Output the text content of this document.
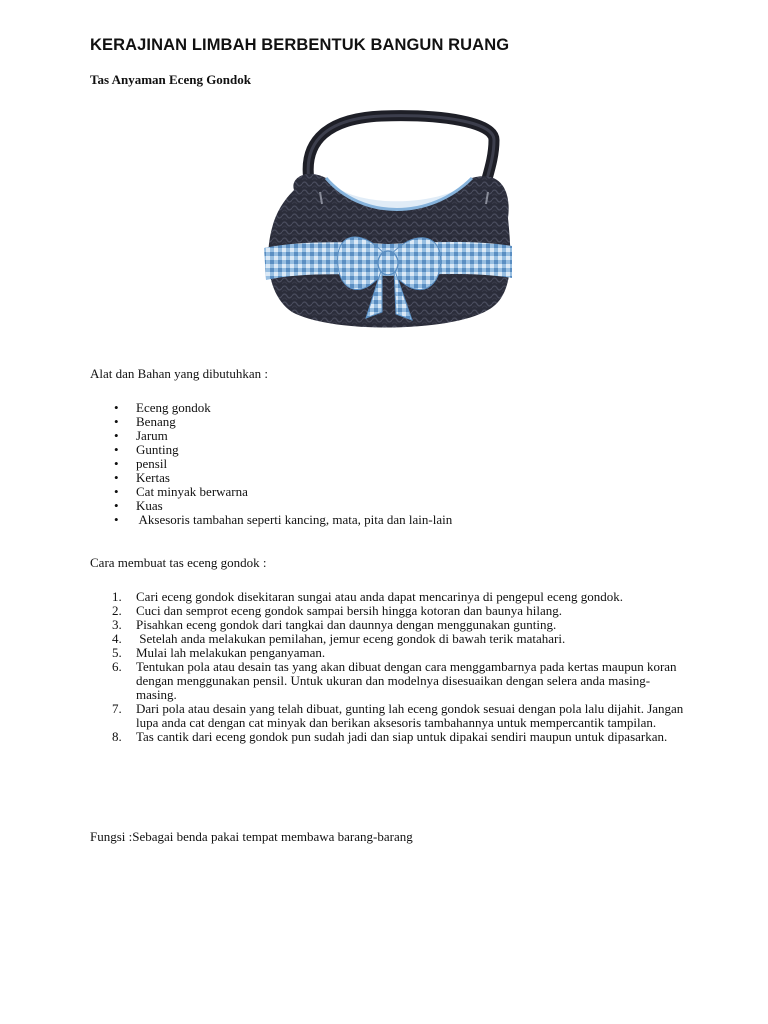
KERAJINAN LIMBAH BERBENTUK BANGUN RUANG

Tas Anyaman Eceng Gondok

Alat dan Bahan yang dibutuhkan :

• Eceng gondok
• Benang
• Jarum
• Gunting
• pensil
• Kertas
• Cat minyak berwarna
• Kuas
•  Aksesoris tambahan seperti kancing, mata, pita dan lain-lain

Cara membuat tas eceng gondok :

1. Cari eceng gondok disekitaran sungai atau anda dapat mencarinya di pengepul eceng gondok.
2. Cuci dan semprot eceng gondok sampai bersih hingga kotoran dan baunya hilang.
3. Pisahkan eceng gondok dari tangkai dan daunnya dengan menggunakan gunting.
4. Setelah anda melakukan pemilahan, jemur eceng gondok di bawah terik matahari.
5. Mulai lah melakukan penganyaman.
6. Tentukan pola atau desain tas yang akan dibuat dengan cara menggambarnya pada kertas maupun koran dengan menggunakan pensil. Untuk ukuran dan modelnya disesuaikan dengan selera anda masing-masing.
7. Dari pola atau desain yang telah dibuat, gunting lah eceng gondok sesuai dengan pola lalu dijahit. Jangan lupa anda cat dengan cat minyak dan berikan aksesoris tambahannya untuk mempercantik tampilan.
8. Tas cantik dari eceng gondok pun sudah jadi dan siap untuk dipakai sendiri maupun untuk dipasarkan.

Fungsi :Sebagai benda pakai tempat membawa barang-barang
